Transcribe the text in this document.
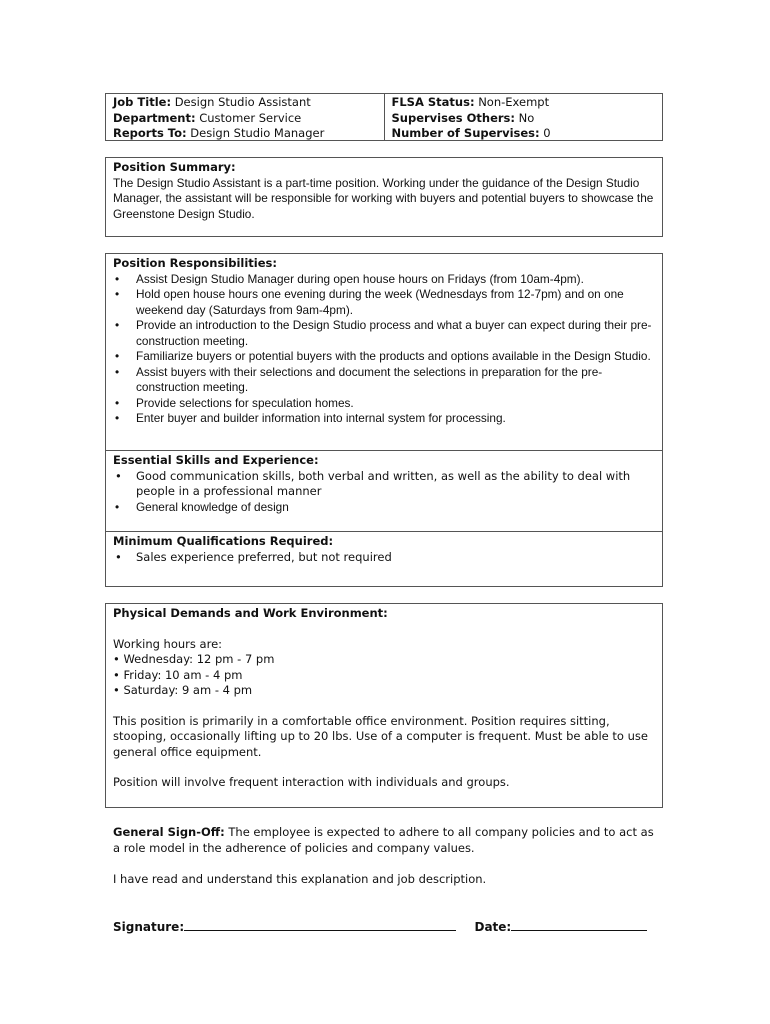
Job Title: Design Studio Assistant
Department: Customer Service
Reports To: Design Studio Manager
FLSA Status: Non-Exempt
Supervises Others: No
Number of Supervises: 0
Position Summary:
The Design Studio Assistant is a part-time position. Working under the guidance of the Design Studio Manager, the assistant will be responsible for working with buyers and potential buyers to showcase the Greenstone Design Studio.
Position Responsibilities:
• Assist Design Studio Manager during open house hours on Fridays (from 10am-4pm).
• Hold open house hours one evening during the week (Wednesdays from 12-7pm) and on one weekend day (Saturdays from 9am-4pm).
• Provide an introduction to the Design Studio process and what a buyer can expect during their pre-construction meeting.
• Familiarize buyers or potential buyers with the products and options available in the Design Studio.
• Assist buyers with their selections and document the selections in preparation for the pre-construction meeting.
• Provide selections for speculation homes.
• Enter buyer and builder information into internal system for processing.
Essential Skills and Experience:
• Good communication skills, both verbal and written, as well as the ability to deal with people in a professional manner
• General knowledge of design
Minimum Qualifications Required:
• Sales experience preferred, but not required
Physical Demands and Work Environment:
Working hours are:
• Wednesday: 12 pm - 7 pm
• Friday: 10 am - 4 pm
• Saturday: 9 am - 4 pm

This position is primarily in a comfortable office environment. Position requires sitting, stooping, occasionally lifting up to 20 lbs. Use of a computer is frequent. Must be able to use general office equipment.

Position will involve frequent interaction with individuals and groups.

General Sign-Off: The employee is expected to adhere to all company policies and to act as a role model in the adherence of policies and company values.
I have read and understand this explanation and job description.
Signature:	Date:
